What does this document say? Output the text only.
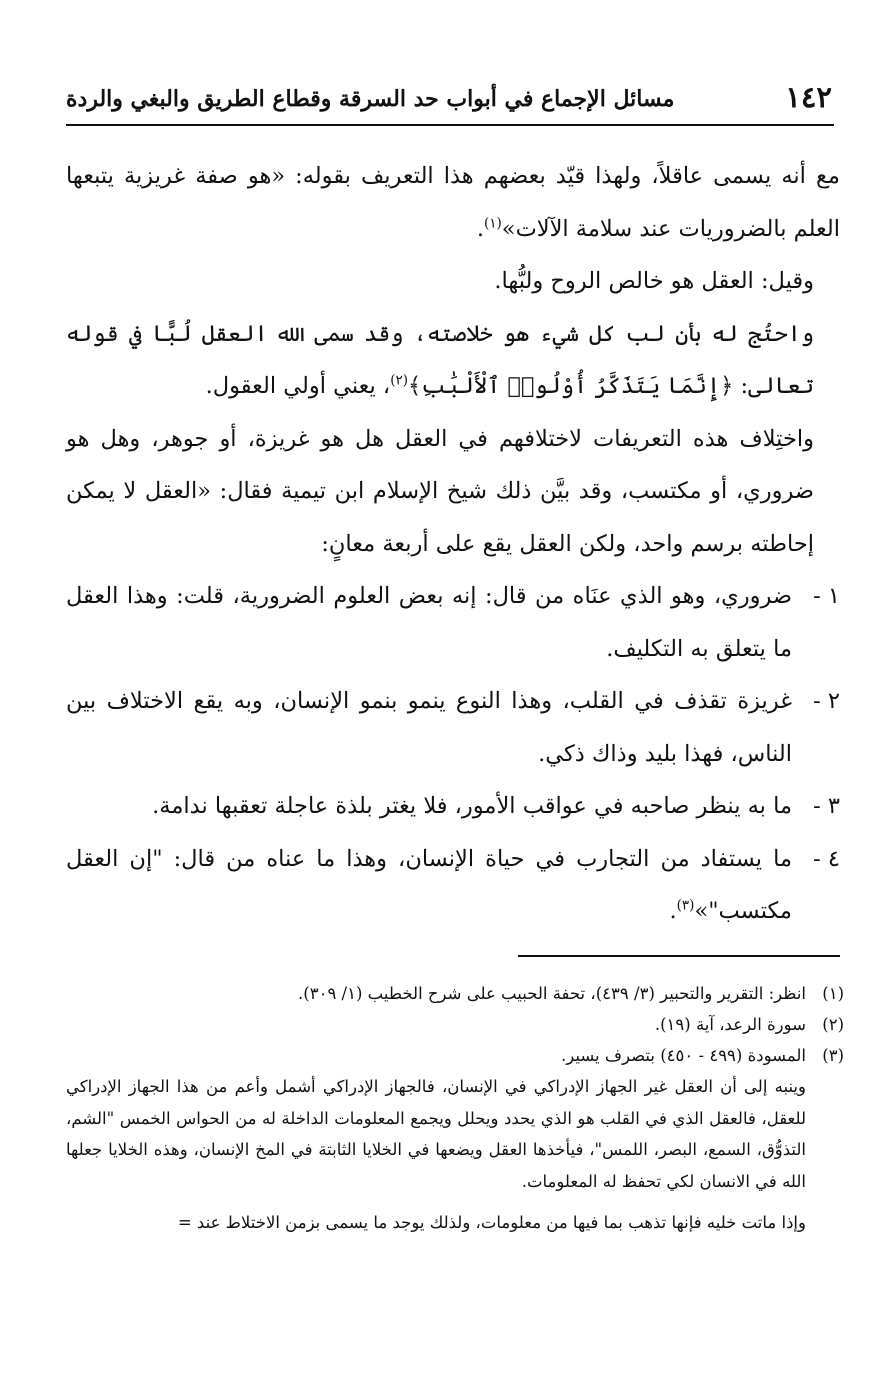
١٤٢
مسائل الإجماع في أبواب حد السرقة وقطاع الطريق والبغي والردة

مع أنه يسمى عاقلاً، ولهذا قيّد بعضهم هذا التعريف بقوله: «هو صفة غريزية يتبعها العلم بالضروريات عند سلامة الآلات»$^{(١)}$.

وقيل: العقل هو خالص الروح ولبُّها.

واحتُج له بأن لب كل شيء هو خلاصته، وقد سمى الله العقل لُبًّا في قوله تعالى: ﴿إِنَّمَا يَتَذَكَّرُ أُوْلُوا۟ ٱلْأَلْبَٰبِ﴾$^{(٢)}$، يعني أولي العقول.

واختِلاف هذه التعريفات لاختلافهم في العقل هل هو غريزة، أو جوهر، وهل هو ضروري، أو مكتسب، وقد بيَّن ذلك شيخ الإسلام ابن تيمية فقال: «العقل لا يمكن إحاطته برسم واحد، ولكن العقل يقع على أربعة معانٍ:

١ -
ضروري، وهو الذي عنَاه من قال: إنه بعض العلوم الضرورية، قلت: وهذا العقل ما يتعلق به التكليف.
٢ -
غريزة تقذف في القلب، وهذا النوع ينمو بنمو الإنسان، وبه يقع الاختلاف بين الناس، فهذا بليد وذاك ذكي.
٣ -
ما به ينظر صاحبه في عواقب الأمور، فلا يغتر بلذة عاجلة تعقبها ندامة.
٤ -
ما يستفاد من التجارب في حياة الإنسان، وهذا ما عناه من قال: "إن العقل مكتسب"»$^{(٣)}$.
(١)
انظر: التقرير والتحبير (٣/ ٤٣٩)، تحفة الحبيب على شرح الخطيب (١/ ٣٠٩).
(٢)
سورة الرعد، آية (١٩).
(٣)
المسودة (٤٩٩ - ٤٥٠) بتصرف يسير.
وينبه إلى أن العقل غير الجهاز الإدراكي في الإنسان، فالجهاز الإدراكي أشمل وأعم من هذا الجهاز الإدراكي للعقل، فالعقل الذي في القلب هو الذي يحدد ويحلل ويجمع المعلومات الداخلة له من الحواس الخمس "الشم، التذوُّق، السمع، البصر، اللمس"، فيأخذها العقل ويضعها في الخلايا الثابتة في المخ الإنسان، وهذه الخلايا جعلها الله في الانسان لكي تحفظ له المعلومات.
وإذا ماتت خليه فإنها تذهب بما فيها من معلومات، ولذلك يوجد ما يسمى بزمن الاختلاط عند =
